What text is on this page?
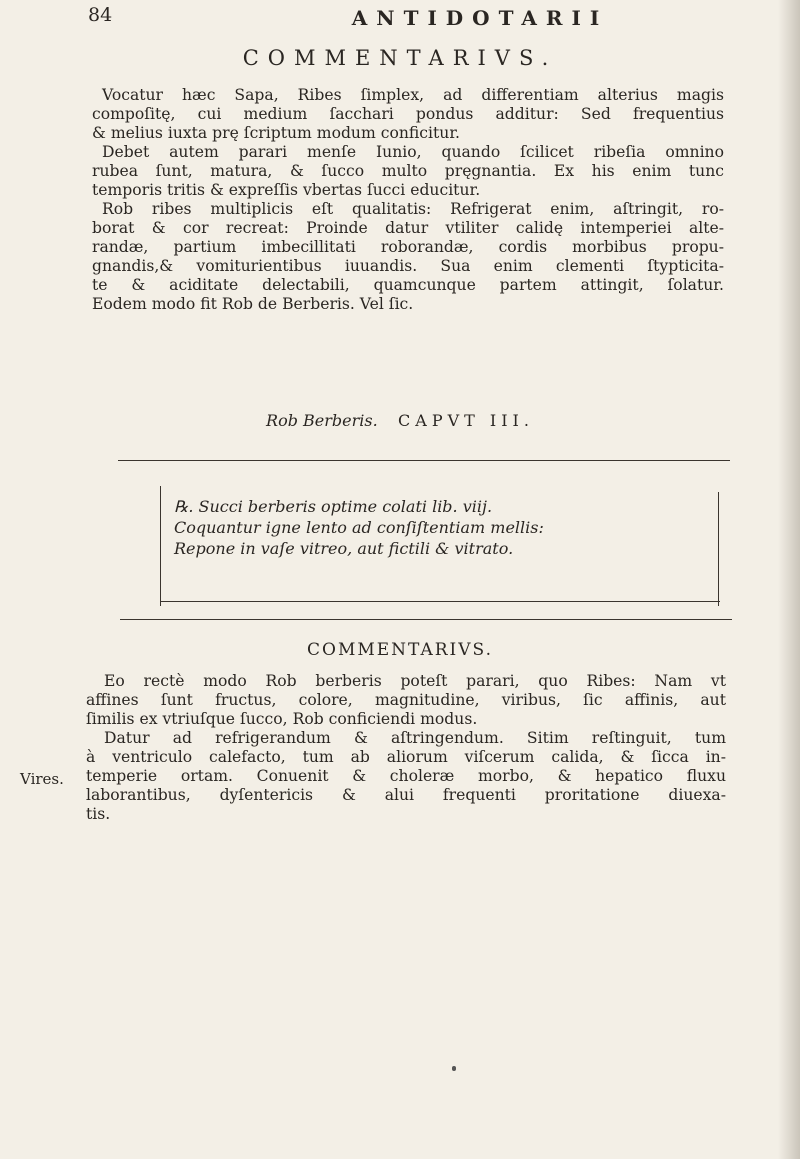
84	ANTIDOTARII
COMMENTARIVS.
Vocatur hæc Sapa, Ribes ſimplex, ad differentiam alterius magis
compoſitę, cui medium ſacchari pondus additur: Sed frequentius
& melius iuxta prę ſcriptum modum conficitur.
Debet autem parari menſe Iunio, quando ſcilicet ribeſia omnino
rubea ſunt, matura, & ſucco multo pręgnantia. Ex his enim tunc
temporis tritis & expreſſis vbertas ſucci educitur.
Rob ribes multiplicis eſt qualitatis: Refrigerat enim, aſtringit, ro-
borat & cor recreat: Proinde datur vtiliter calidę intemperiei alte-
randæ, partium imbecillitati roborandæ, cordis morbibus propu-
gnandis,& vomiturientibus iuuandis. Sua enim clementi ſtypticita-
te & aciditate delectabili, quamcunque partem attingit, ſolatur.
Eodem modo fit Rob de Berberis. Vel ſic.
Rob Berberis. CAPVT III.
℞. Succi berberis optime colati lib. viij.
Coquantur igne lento ad conſiſtentiam mellis:
Repone in vaſe vitreo, aut fictili & vitrato.
COMMENTARIVS.
Eo rectè modo Rob berberis poteſt parari, quo Ribes: Nam vt
affines ſunt fructus, colore, magnitudine, viribus, ſic affinis, aut
ſimilis ex vtriuſque ſucco, Rob conficiendi modus.
Datur ad refrigerandum & aſtringendum. Sitim reſtinguit, tum
à ventriculo calefacto, tum ab aliorum viſcerum calida, & ſicca in-
temperie ortam. Conuenit & choleræ morbo, & hepatico fluxu
laborantibus, dyſentericis & alui frequenti proritatione diuexa-
tis.
Vires.
